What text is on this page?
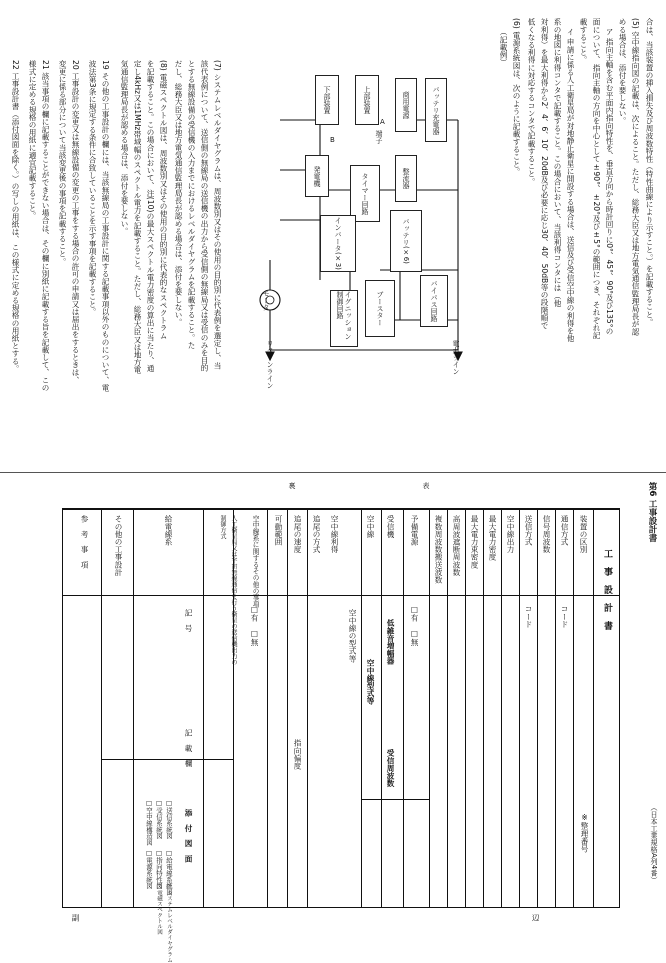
合は、当該装置の挿入損失及び周波数特性（特性曲線により示すこと。）を記載すること。
(5) 空中線指向図の記載は、次によること。ただし、総務大臣又は地方電気通信監理局長が認
める場合は、添付を要しない。
ア 指向主軸を含む平面内指向特性を、垂直方向から時計回りに0°、45°、90°及び135°の
面について、指向主軸の方向を中心として±90°、±20°及び±5°の範囲につき、それぞれ記
載すること。
イ 申請に係る人工衛星局が対地静止衛星に開設する場合は、送信及び受信空中線の利得を他
系の地図に利得コンタで記載すること。この場合において、当該利得コンタには（他
対利得）を最大利得から2、4、6、10、20dB及び必要に応じ30、40、50dB等の段階順で
低くなる利得に対応するコンタで記載すること。
(6) 電源系統図は、次のように記載すること。
（記載例）
バッテリ充電器
商用電源
整流器
上部装置
下部装置
タイマー回路
発電機
バッテリ(×6)
インバータ(×3)
バイパス回路
ブースター
イグニッション制御回路
モータ
端子
A
B
電力ライン
リターンライン
(7) システムレベルダイヤグラムは、周波数別又はその使用の目的別に代表例を選定し、当
該代表例について、送信側の無線局の送信機の出力から受信側の無線局又は受信のみを目的
とする無線設備の受信機の入力までにおけるレベルダイヤグラムを記載すること。た
だし、総務大臣又は地方電気通信監理局長が認める場合は、添付を要しない。
(8) 電磁スペクトル図は、周波数別又はその使用の目的別に代表的なスペクトラム
を記載すること。この場合において、注(10)の最大スペクトル電力密度の算出に当たり、通
定し4kHz又は1MHz帯域幅のスペクトル電力を記載すること。ただし、総務大臣又は地方電
気通信監理局長が認める場合は、添付を要しない。
19 その他の工事設計の欄には、当該無線局の工事設計に関する記載事項以外のものについて、電
波法第3条に規定する条件に合致していることを示す事項を記載すること。
20 工事設計の変更又は無線設備の変更の工事をする場合の許可の申請又は届出をするときは、
変更に係る部分について当該変更後の事項を記載すること。
21 該当事項の欄に記載することができない場合は、その欄に別紙に記載する旨を記載して、この
様式に定める規格の用紙に適宜記載すること。
22 工事設計書（添付図面を除く。）の写しの用紙は、この様式に定める規格の用紙とする。
第6 工事設計書
表
裏
（日本工業規格A列4番）
工　事　設　計　書
※整理番号
装置の区別
通信方式
信号周波数
送信方式
空中線出力
最大電力密度
最大電力束密度
高周波遮断周波数
複数周波数搬送波数
予備電源
受信機
空中線
空中線の型式等
空中線利得
追尾の方式
追尾の速度
可動範囲
空中線系に関するその他の事項
人工衛星局又は宇宙無線通信を行う衛星の送信機出力の制御方式
給電線系
その他の工事設計
参　考　事　項
コード
コード
□有　□無
低雑音増幅器
受信周波数
□有　□無
指向偏度
空中線型式等
記　号
記　載　欄
添　付　図　面
□送信系統図
□受信系統図
□空中線構造図
□給電線系統図
□指向特性図
□電源系統図
□システムレベルダイヤグラム
□電磁スペクトル図
副	辺
